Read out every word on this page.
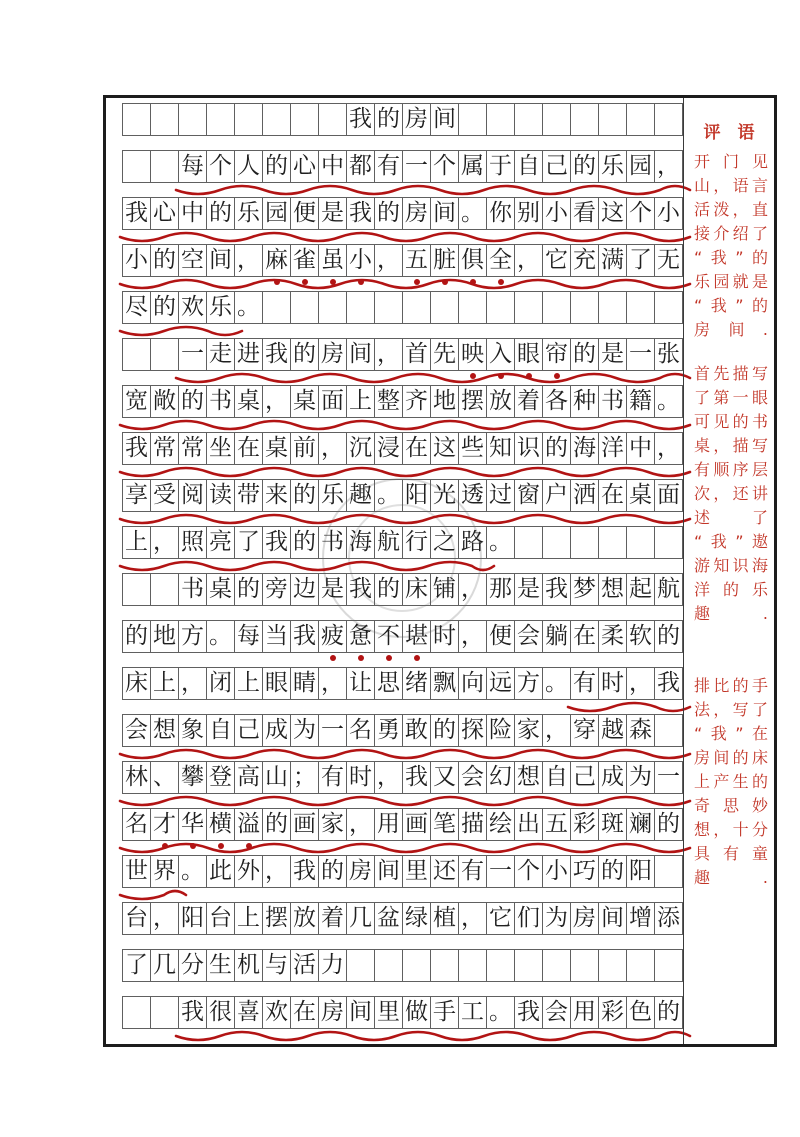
我 的 房 间
每 个 人 的 心 中 都 有 一 个 属 于 自 己 的 乐 园 ，
我 心 中 的 乐 园 便 是 我 的 房 间 。 你 别 小 看 这 个 小
小 的 空 间 ， 麻 雀 虽 小 ， 五 脏 俱 全 ， 它 充 满 了 无
尽 的 欢 乐 。
一 走 进 我 的 房 间 ， 首 先 映 入 眼 帘 的 是 一 张
宽 敞 的 书 桌 ， 桌 面 上 整 齐 地 摆 放 着 各 种 书 籍 。
我 常 常 坐 在 桌 前 ， 沉 浸 在 这 些 知 识 的 海 洋 中 ，
享 受 阅 读 带 来 的 乐 趣 。 阳 光 透 过 窗 户 洒 在 桌 面
上 ， 照 亮 了 我 的 书 海 航 行 之 路 。
书 桌 的 旁 边 是 我 的 床 铺 ， 那 是 我 梦 想 起 航
的 地 方 。 每 当 我 疲 惫 不 堪 时 ， 便 会 躺 在 柔 软 的
床 上 ， 闭 上 眼 睛 ， 让 思 绪 飘 向 远 方 。 有 时 ， 我
会 想 象 自 己 成 为 一 名 勇 敢 的 探 险 家 ， 穿 越 森
林 、 攀 登 高 山 ； 有 时 ， 我 又 会 幻 想 自 己 成 为 一
名 才 华 横 溢 的 画 家 ， 用 画 笔 描 绘 出 五 彩 斑 斓 的
世 界 。 此 外 ， 我 的 房 间 里 还 有 一 个 小 巧 的 阳
台 ， 阳 台 上 摆 放 着 几 盆 绿 植 ， 它 们 为 房 间 增 添
了 几 分 生 机 与 活 力
我 很 喜 欢 在 房 间 里 做 手 工 。 我 会 用 彩 色 的
评　语
开门见
山，语言
活泼，直
接介绍了
“我”的
乐园就是
“我”的
房间.
首先描写
了第一眼
可见的书
桌，描写
有顺序层
次，还讲
述了
“我”遨
游知识海
洋的乐
趣.
排比的手
法，写了
“我”在
房间的床
上产生的
奇思妙
想，十分
具有童
趣.
